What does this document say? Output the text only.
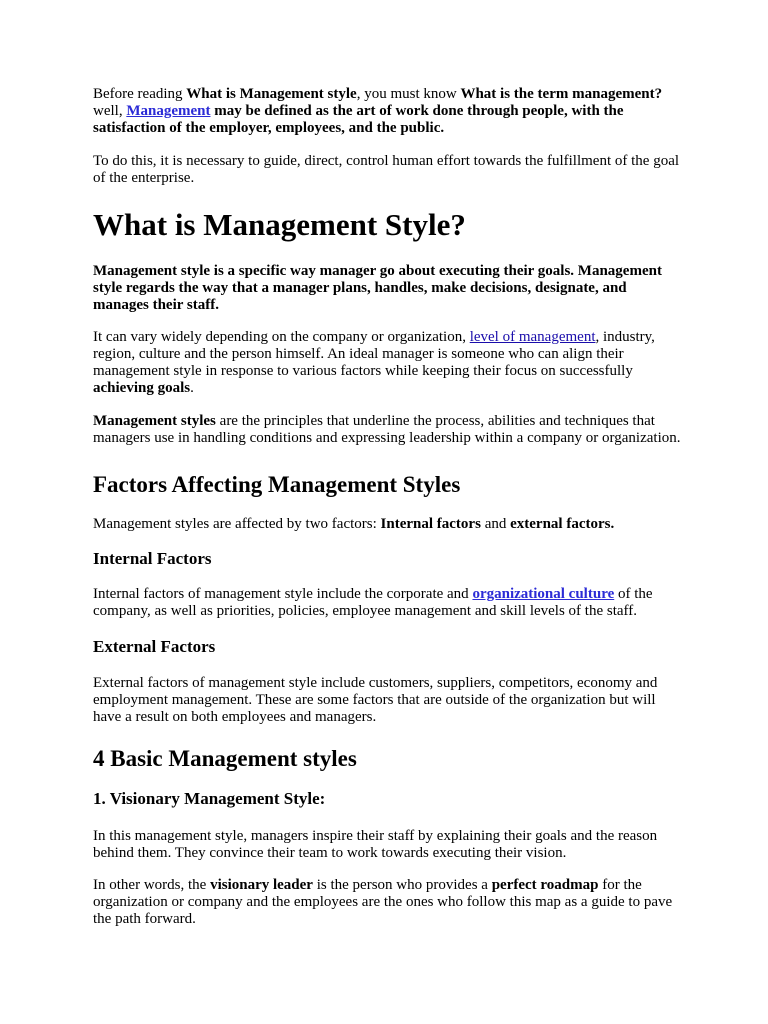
Before reading What is Management style, you must know What is the term management? well, Management may be defined as the art of work done through people, with the satisfaction of the employer, employees, and the public.

To do this, it is necessary to guide, direct, control human effort towards the fulfillment of the goal of the enterprise.

What is Management Style?

Management style is a specific way manager go about executing their goals. Management style regards the way that a manager plans, handles, make decisions, designate, and manages their staff.

It can vary widely depending on the company or organization, level of management, industry, region, culture and the person himself. An ideal manager is someone who can align their management style in response to various factors while keeping their focus on successfully achieving goals.

Management styles are the principles that underline the process, abilities and techniques that managers use in handling conditions and expressing leadership within a company or organization.

Factors Affecting Management Styles

Management styles are affected by two factors: Internal factors and external factors.

Internal Factors

Internal factors of management style include the corporate and organizational culture of the company, as well as priorities, policies, employee management and skill levels of the staff.

External Factors

External factors of management style include customers, suppliers, competitors, economy and employment management. These are some factors that are outside of the organization but will have a result on both employees and managers.

4 Basic Management styles
1. Visionary Management Style:

In this management style, managers inspire their staff by explaining their goals and the reason behind them. They convince their team to work towards executing their vision.

In other words, the visionary leader is the person who provides a perfect roadmap for the organization or company and the employees are the ones who follow this map as a guide to pave the path forward.
